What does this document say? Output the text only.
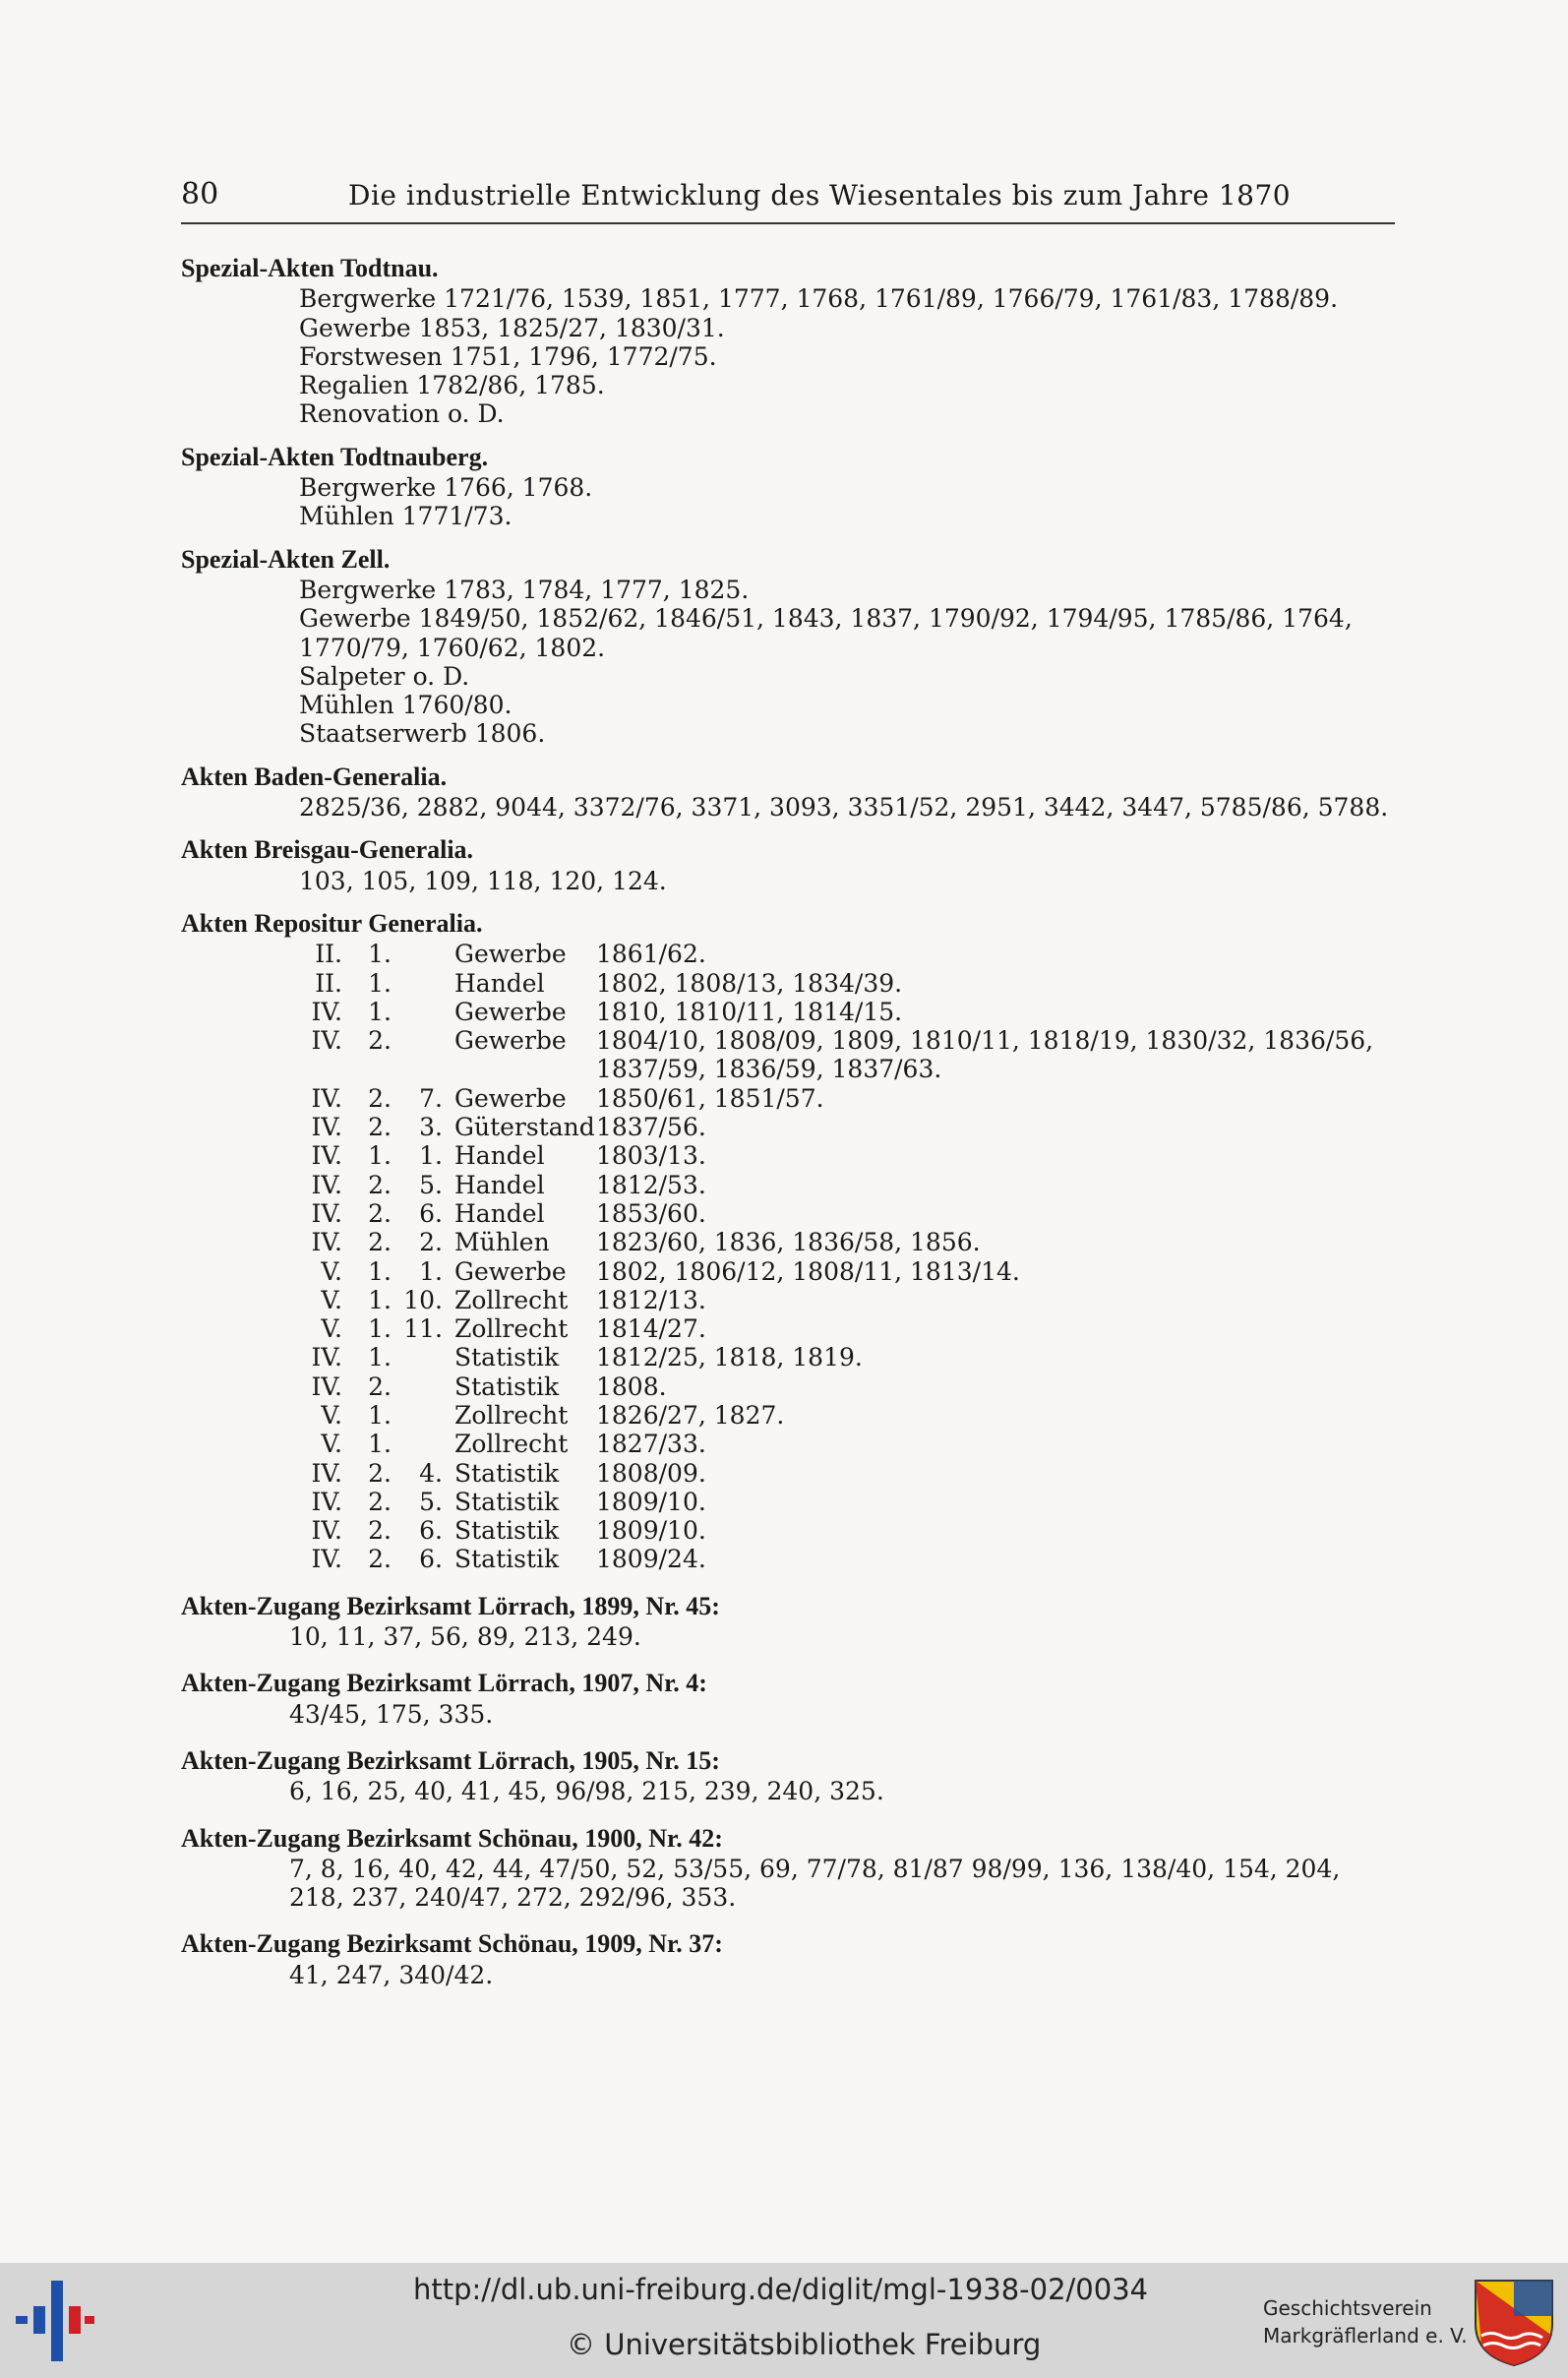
80	Die industrielle Entwicklung des Wiesentales bis zum Jahre 1870
Spezial-Akten Todtnau.
Bergwerke 1721/76, 1539, 1851, 1777, 1768, 1761/89, 1766/79, 1761/83, 1788/89.
Gewerbe 1853, 1825/27, 1830/31.
Forstwesen 1751, 1796, 1772/75.
Regalien 1782/86, 1785.
Renovation o. D.
Spezial-Akten Todtnauberg.
Bergwerke 1766, 1768.
Mühlen 1771/73.
Spezial-Akten Zell.
Bergwerke 1783, 1784, 1777, 1825.
Gewerbe 1849/50, 1852/62, 1846/51, 1843, 1837, 1790/92, 1794/95, 1785/86, 1764,
1770/79, 1760/62, 1802.
Salpeter o. D.
Mühlen 1760/80.
Staatserwerb 1806.
Akten Baden-Generalia.
2825/36, 2882, 9044, 3372/76, 3371, 3093, 3351/52, 2951, 3442, 3447, 5785/86, 5788.
Akten Breisgau-Generalia.
103, 105, 109, 118, 120, 124.
Akten Repositur Generalia.
II.	1.	Gewerbe	1861/62.
II.	1.	Handel	1802, 1808/13, 1834/39.
IV.	1.	Gewerbe	1810, 1810/11, 1814/15.
IV.	2.	Gewerbe	1804/10, 1808/09, 1809, 1810/11, 1818/19, 1830/32, 1836/56,
1837/59, 1836/59, 1837/63.
IV.	2.	7. Gewerbe	1850/61, 1851/57.
IV.	2.	3. Güterstand 1837/56.
IV.	1.	1. Handel	1803/13.
IV.	2.	5. Handel	1812/53.
IV.	2.	6. Handel	1853/60.
IV.	2.	2. Mühlen	1823/60, 1836, 1836/58, 1856.
V.	1.	1. Gewerbe	1802, 1806/12, 1808/11, 1813/14.
V.	1. 10. Zollrecht	1812/13.
V.	1. 11. Zollrecht	1814/27.
IV.	1.	Statistik	1812/25, 1818, 1819.
IV.	2.	Statistik	1808.
V.	1.	Zollrecht	1826/27, 1827.
V.	1.	Zollrecht	1827/33.
IV.	2.	4. Statistik	1808/09.
IV.	2.	5. Statistik	1809/10.
IV.	2.	6. Statistik	1809/10.
IV.	2.	6. Statistik	1809/24.
Akten-Zugang Bezirksamt Lörrach, 1899, Nr. 45:
10, 11, 37, 56, 89, 213, 249.
Akten-Zugang Bezirksamt Lörrach, 1907, Nr. 4:
43/45, 175, 335.
Akten-Zugang Bezirksamt Lörrach, 1905, Nr. 15:
6, 16, 25, 40, 41, 45, 96/98, 215, 239, 240, 325.
Akten-Zugang Bezirksamt Schönau, 1900, Nr. 42:
7, 8, 16, 40, 42, 44, 47/50, 52, 53/55, 69, 77/78, 81/87 98/99, 136, 138/40, 154, 204,
218, 237, 240/47, 272, 292/96, 353.
Akten-Zugang Bezirksamt Schönau, 1909, Nr. 37:
41, 247, 340/42.
http://dl.ub.uni-freiburg.de/diglit/mgl-1938-02/0034
© Universitätsbibliothek Freiburg
Geschichtsverein
Markgräflerland e. V.
